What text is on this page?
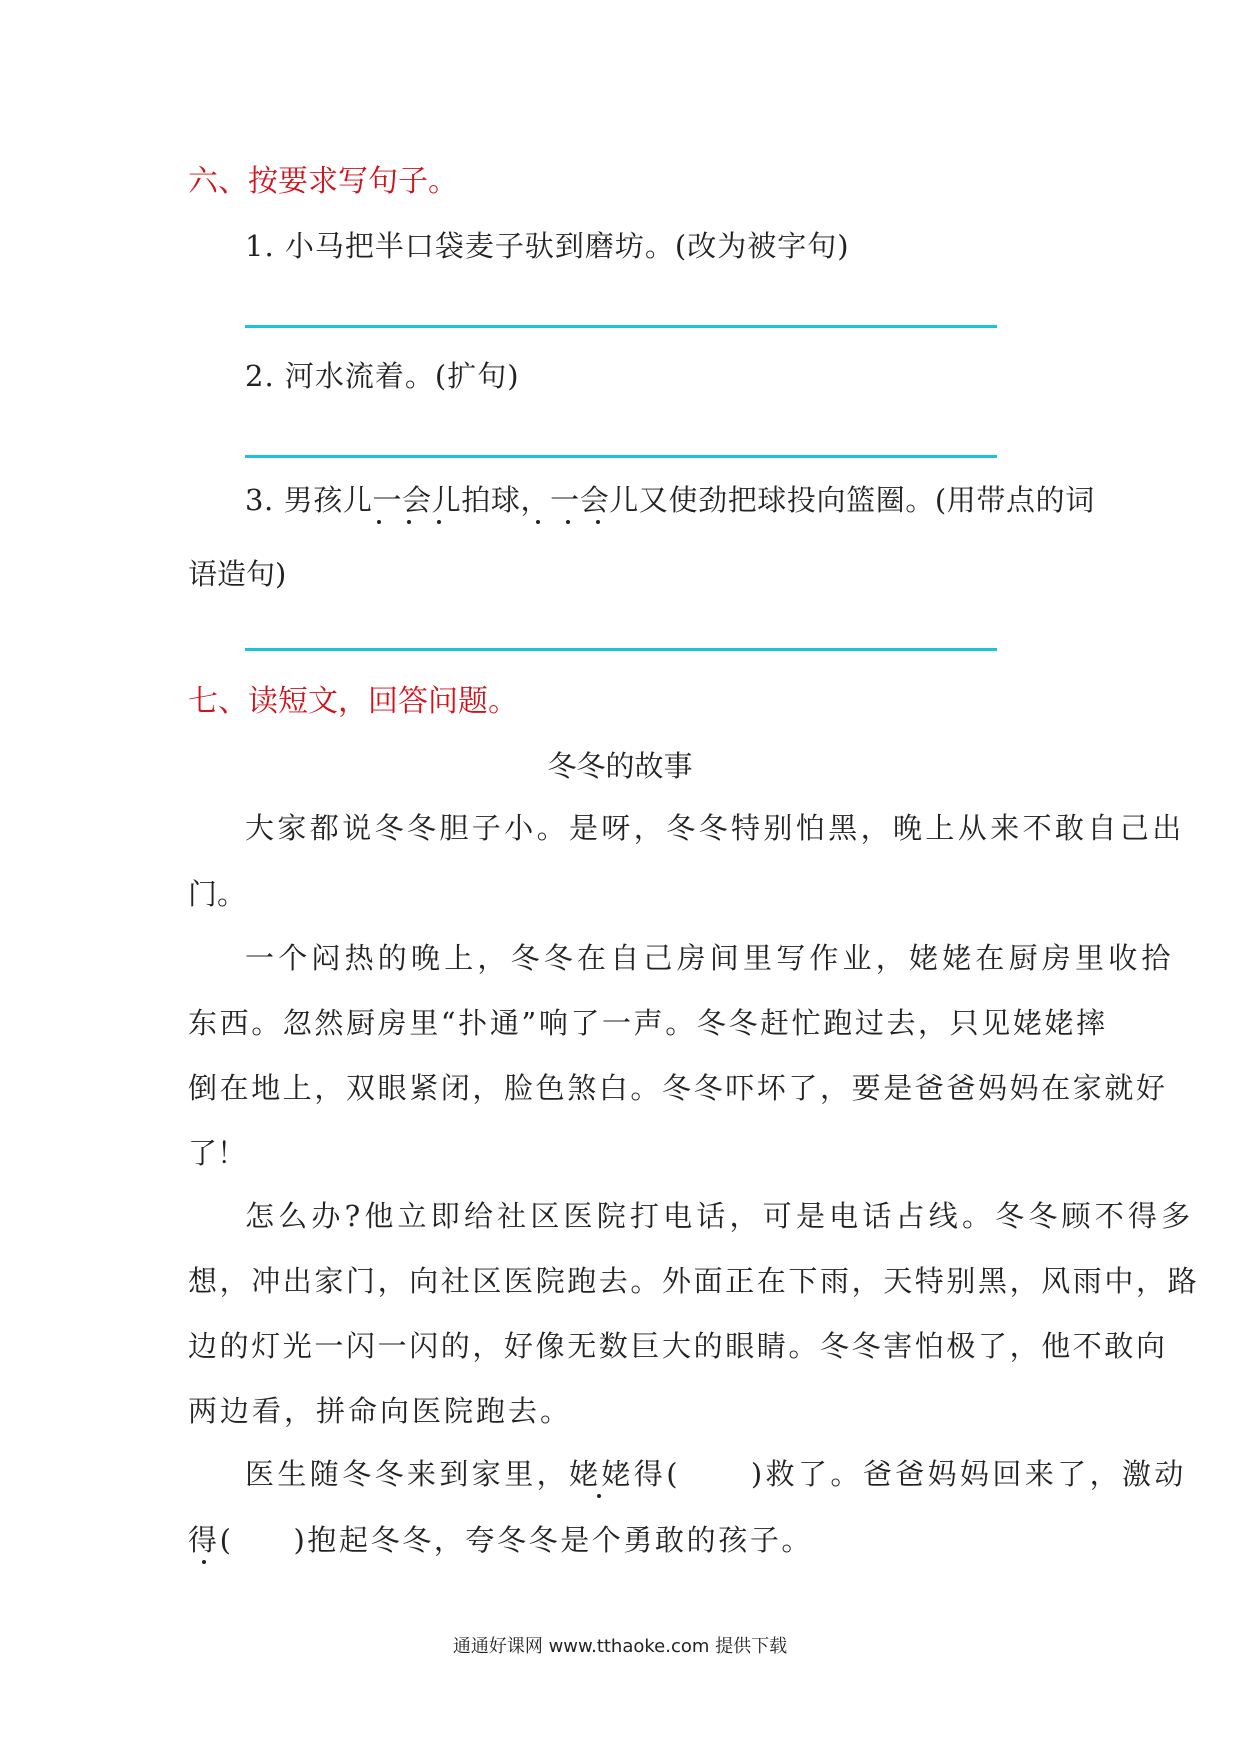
六、按要求写句子。
1. 小马把半口袋麦子驮到磨坊。(改为被字句)
2. 河水流着。(扩句)
3. 男孩儿一会儿拍球，一会儿又使劲把球投向篮圈。(用带点的词
语造句)
七、读短文，回答问题。
冬冬的故事
大家都说冬冬胆子小。是呀，冬冬特别怕黑，晚上从来不敢自己出
门。
一个闷热的晚上，冬冬在自己房间里写作业，姥姥在厨房里收拾
东西。忽然厨房里“扑通”响了一声。冬冬赶忙跑过去，只见姥姥摔
倒在地上，双眼紧闭，脸色煞白。冬冬吓坏了，要是爸爸妈妈在家就好
了！
怎么办?他立即给社区医院打电话，可是电话占线。冬冬顾不得多
想，冲出家门，向社区医院跑去。外面正在下雨，天特别黑，风雨中，路
边的灯光一闪一闪的，好像无数巨大的眼睛。冬冬害怕极了，他不敢向
两边看，拼命向医院跑去。
医生随冬冬来到家里，姥姥得( )救了。爸爸妈妈回来了，激动
得( )抱起冬冬，夸冬冬是个勇敢的孩子。
通通好课网 www.tthaoke.com 提供下载
